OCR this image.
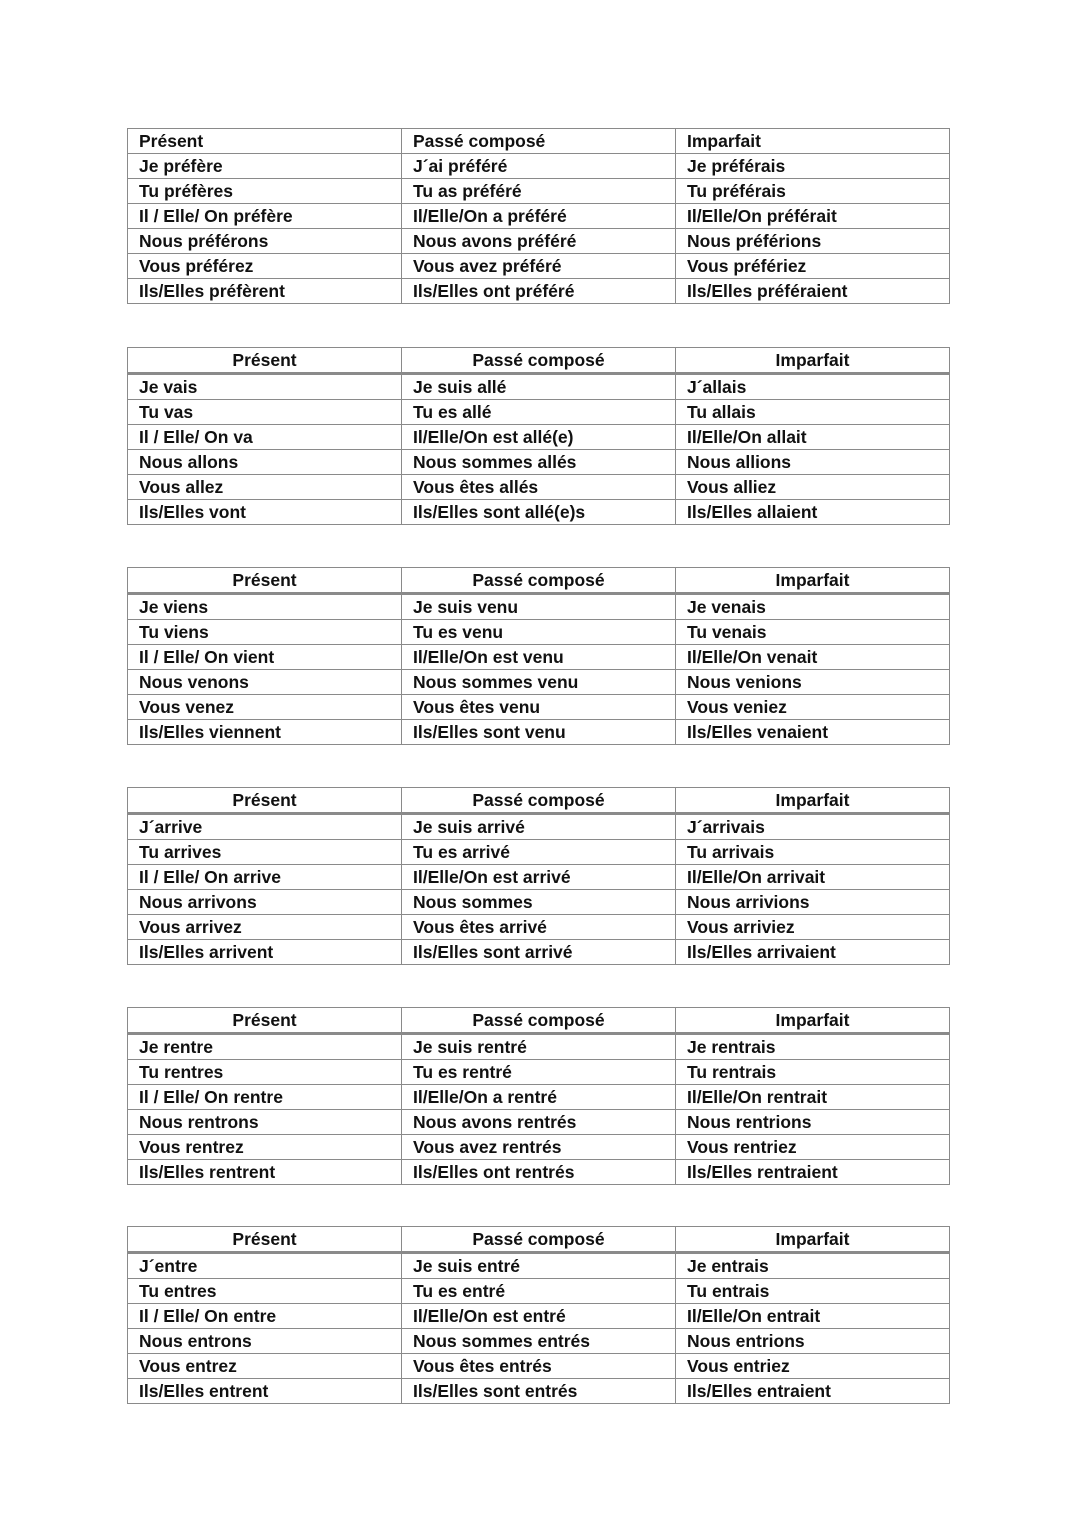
Présent	Passé composé	Imparfait
Je préfère	J´ai préféré	Je préférais
Tu préfères	Tu as préféré	Tu préférais
Il / Elle/ On préfère	Il/Elle/On a préféré	Il/Elle/On préférait
Nous préférons	Nous avons préféré	Nous préférions
Vous préférez	Vous avez préféré	Vous préfériez
Ils/Elles préfèrent	Ils/Elles ont préféré	Ils/Elles préféraient
Présent	Passé composé	Imparfait
Je vais	Je suis allé	J´allais
Tu vas	Tu es allé	Tu allais
Il / Elle/ On va	Il/Elle/On est allé(e)	Il/Elle/On allait
Nous allons	Nous sommes allés	Nous allions
Vous allez	Vous êtes allés	Vous alliez
Ils/Elles vont	Ils/Elles sont allé(e)s	Ils/Elles allaient
Présent	Passé composé	Imparfait
Je viens	Je suis venu	Je venais
Tu viens	Tu es venu	Tu venais
Il / Elle/ On vient	Il/Elle/On est venu	Il/Elle/On venait
Nous venons	Nous sommes venu	Nous venions
Vous venez	Vous êtes venu	Vous veniez
Ils/Elles viennent	Ils/Elles sont venu	Ils/Elles venaient
Présent	Passé composé	Imparfait
J´arrive	Je suis arrivé	J´arrivais
Tu arrives	Tu es arrivé	Tu arrivais
Il / Elle/ On arrive	Il/Elle/On est arrivé	Il/Elle/On arrivait
Nous arrivons	Nous sommes	Nous arrivions
Vous arrivez	Vous êtes arrivé	Vous arriviez
Ils/Elles arrivent	Ils/Elles sont arrivé	Ils/Elles arrivaient
Présent	Passé composé	Imparfait
Je rentre	Je suis rentré	Je rentrais
Tu rentres	Tu es rentré	Tu rentrais
Il / Elle/ On rentre	Il/Elle/On a rentré	Il/Elle/On rentrait
Nous rentrons	Nous avons rentrés	Nous rentrions
Vous rentrez	Vous avez rentrés	Vous rentriez
Ils/Elles rentrent	Ils/Elles ont rentrés	Ils/Elles rentraient
Présent	Passé composé	Imparfait
J´entre	Je suis entré	Je entrais
Tu entres	Tu es entré	Tu entrais
Il / Elle/ On entre	Il/Elle/On est entré	Il/Elle/On entrait
Nous entrons	Nous sommes entrés	Nous entrions
Vous entrez	Vous êtes entrés	Vous entriez
Ils/Elles entrent	Ils/Elles sont entrés	Ils/Elles entraient
